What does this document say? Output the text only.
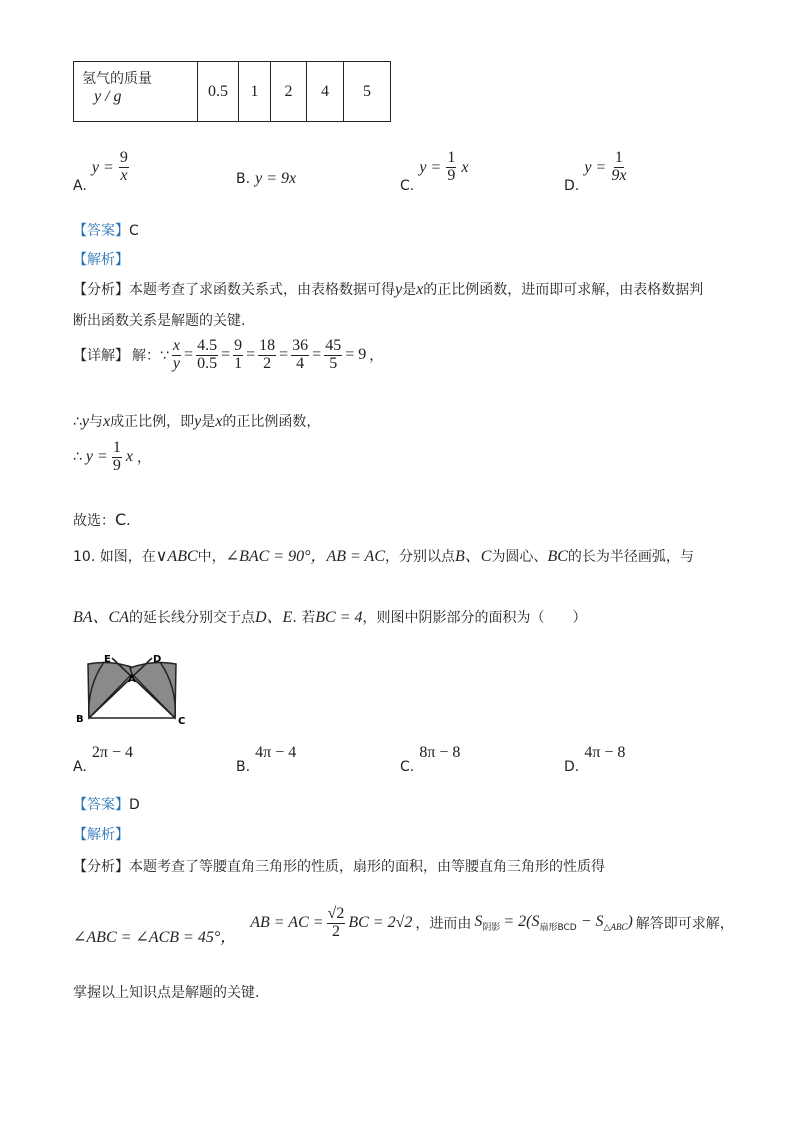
氢气的质量
y / g	0.5	1	2	4	5
A. $y = \frac{9}{x}$	B. y = 9x	C. $y = \frac{1}{9}$ x
D. $y = \frac{1}{9x}$
【答案】C
【解析】
【分析】本题考查了求函数关系式，由表格数据可得y是x的正比例函数，进而即可求解，由表格数据判
断出函数关系是解题的关键.
【详解】 解：∵ $\frac{x}{y} = \frac{4.5}{0.5} = \frac{9}{1} = \frac{18}{2} = \frac{36}{4} = \frac{45}{5} = 9$ ，
∴y与x成正比例，即y是x的正比例函数，
∴ $y = \frac{1}{9}$ x ，
故选：C.
10. 如图，在∨ABC中，∠BAC = 90°，AB = AC，分别以点B、C为圆心、BC的长为半径画弧，与
BA、CA的延长线分别交于点D、E. 若BC = 4，则图中阴影部分的面积为（　　）
E	D
A
B	C
A. 2π − 4
B. 4π − 4
C. 8π − 8
D. 4π − 8
【答案】D
【解析】
【分析】本题考查了等腰直角三角形的性质，扇形的面积，由等腰直角三角形的性质得
∠ABC = ∠ACB = 45°，
AB = AC = $\frac{√2}{2}$ BC = 2√2 ，进而由 $S_{阴影} = 2(S_{扇形BCD} - S_{\triangle ABC})$ 解答即可求解，
掌握以上知识点是解题的关键.
